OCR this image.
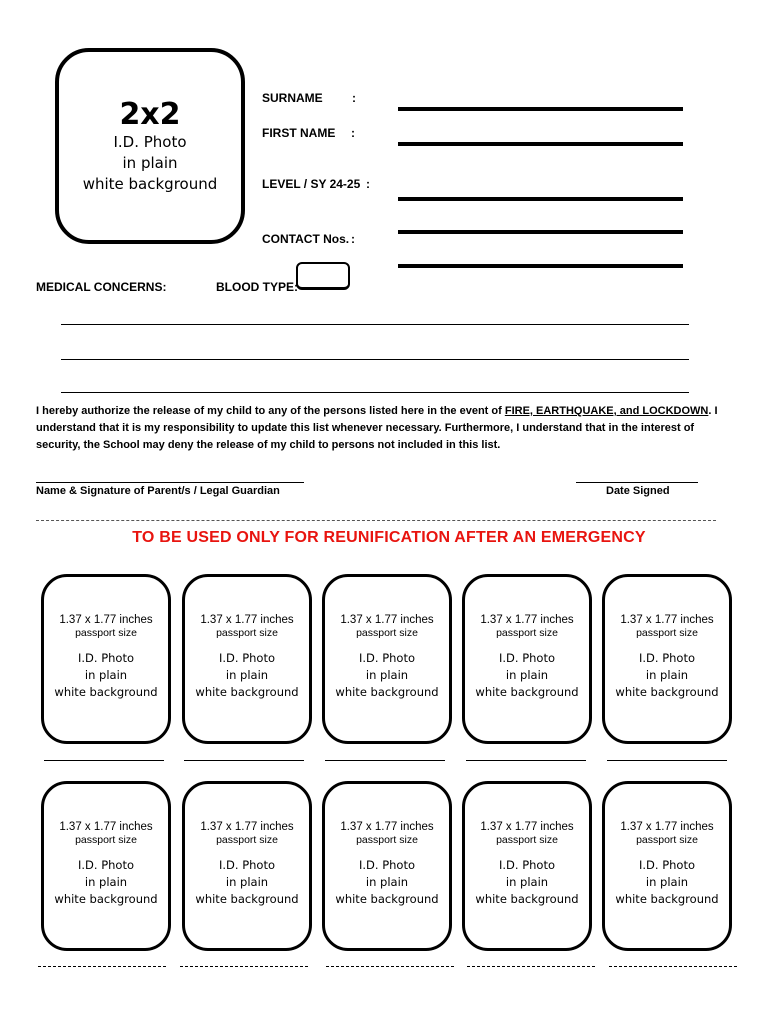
2x2
I.D. Photo
in plain
white background
SURNAME :
FIRST NAME :
LEVEL / SY 24-25 :
CONTACT Nos. :
MEDICAL CONCERNS:	BLOOD TYPE:
I hereby authorize the release of my child to any of the persons listed here in the event of FIRE, EARTHQUAKE, and LOCKDOWN. I understand that it is my responsibility to update this list whenever necessary. Furthermore, I understand that in the interest of security, the School may deny the release of my child to persons not included in this list.
Name & Signature of Parent/s / Legal Guardian	Date Signed
TO BE USED ONLY FOR REUNIFICATION AFTER AN EMERGENCY
1.37 x 1.77 inches
passport size
I.D. Photo
in plain
white background
1.37 x 1.77 inches
passport size
I.D. Photo
in plain
white background
1.37 x 1.77 inches
passport size
I.D. Photo
in plain
white background
1.37 x 1.77 inches
passport size
I.D. Photo
in plain
white background
1.37 x 1.77 inches
passport size
I.D. Photo
in plain
white background
1.37 x 1.77 inches
passport size
I.D. Photo
in plain
white background
1.37 x 1.77 inches
passport size
I.D. Photo
in plain
white background
1.37 x 1.77 inches
passport size
I.D. Photo
in plain
white background
1.37 x 1.77 inches
passport size
I.D. Photo
in plain
white background
1.37 x 1.77 inches
passport size
I.D. Photo
in plain
white background
